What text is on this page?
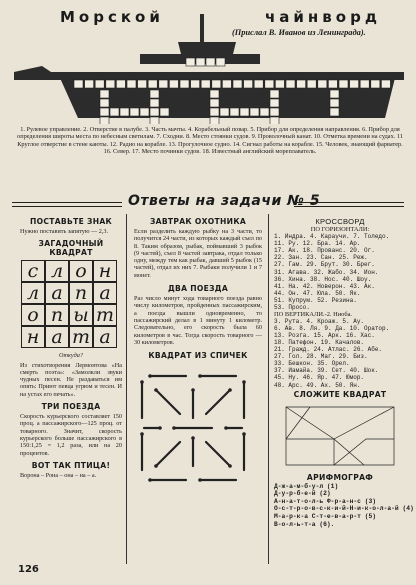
Морской	чайнворд

(Прислал В. Иванов из Ленинграда).

1. Рулевое управление. 2. Отверстие в палубе. 3. Часть мачты. 4. Корабельный повар. 5. Прибор для определения направления. 6. Прибор для определения широты места по небесным светилам. 7. Сходни. 8. Место стоянки судов. 9. Проволочный канат. 10. Отметка времени на судах. 11 Круглое отверстие в стене каюты. 12. Радио на корабле. 13. Прогулочное судно. 14. Сигнал работы на корабле. 15. Человек, знающий фарватер. 16. Север. 17. Место починки судов. 18. Известный английский мореплаватель.

Ответы на задачи № 5

ПОСТАВЬТЕ ЗНАК

Нужно поставить запятую — 2,3.

ЗАГАДОЧНЫЙ КВАДРАТ

с л о н
л а п а
о п ы т
н а т а

Откуда?

Из стихотворения Лермонтова «На смерть поэта»: «Замолкли звуки чудных песен. Не раздаваться им опять: Приют певца угрюм и тесен. И на устах его печать».

ТРИ ПОЕЗДА

Скорость курьерского составляет 150 проц. а пассажирского—125 проц. от товарного. Значит, скорость курьерского больше пассажирского в 150:1,25 = 1,2 раза, или на 20 процентов.

ВОТ ТАК ПТИЦА!

Ворона – Рона – она – на – а.

ЗАВТРАК ОХОТНИКА

Если разделить каждую рыбку на 3 части, то получится 24 части, из которых каждый съел по 8. Таким образом, рыбак, поймавший 3 рыбок (9 частей), съел 8 частей завтрака, отдал только одну, между тем как рыбак, давший 5 рыбок (15 частей), отдал их них 7. Рыбаки получили 1 и 7 монет.

ДВА ПОЕЗДА

Раз число минут хода товарного поезда равно числу километров, пройденных пассажирским, а поезда вышли одновременно, то пассажирский делал в 1 минуту 1 километр. Следовательно, его скорость была 60 километров в час. Тогда скорость товарного — 30 километров.

КВАДРАТ ИЗ СПИЧЕК

КРОССВОРД

ПО ГОРИЗОНТАЛИ:

1. Индра. 4. Караучи. 7. Толедо.

11. Ру. 12. Бра. 14. Ар.

17. Ак. 18. Прованс. 20. Ог.

22. Зан. 23. Сан. 25. Реж.

27. Гам. 29. Брут. 30. Брег.

31. Агава. 32. Жабо. 34. Ион.

36. Хина. 38. Нос. 40. Шоу.

41. На. 42. Новерон. 43. Ак.

44. Он. 47. Юла. 50. Як.

51. Купрум. 52. Резина.

53. Просо.

ПО ВЕРТИКАЛИ.-2. Ниоба.

3. Рута. 4. Кроаж. 5. Ау.

6. Ав. 8. Ля. 9. Да. 10. Оратор.

13. Розга. 15. Арк. 16. Хас.

18. Патефон. 19. Качалов.

21. Гражд. 24. Атлас. 26. Абе.

27. Гол. 28. Маг. 29. Биз.

33. Бешкон. 35. Орел.

37. Иамайа. 39. Сет. 40. Шок.

45. Ну. 46. Яр. 47. Юмор.

48. Арс. 49. Ах. 50. Ян.

СЛОЖИТЕ КВАДРАТ

АРИФМОГРАФ

Д-ж-а-м-б-у-л (1)

Д-у-р-б-е-й (2)

А-н-а-т-о-л-ь Ф-р-а-н-с (3)

О-с-т-р-о-в-с-к-и-й-Н-и-к-о-л-а-й (4)

М-а-р-к-а С-т-е-в-а-р-т (5)

В-о-л-ь-т-а (6).

126
